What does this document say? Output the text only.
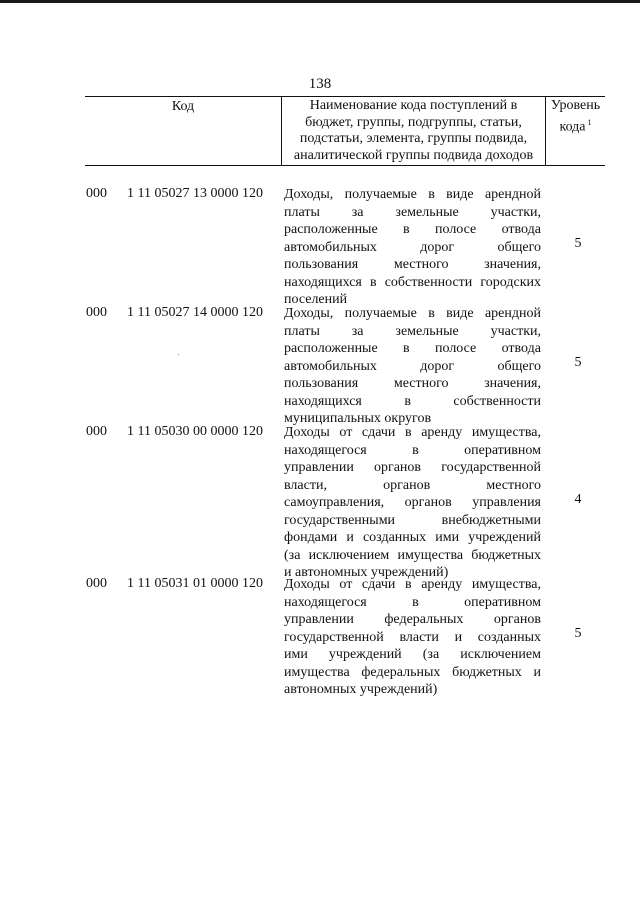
138
Код	Наименование кода поступлений в
бюджет, группы, подгруппы, статьи,
подстатьи, элемента, группы подвида,
аналитической группы подвида доходов
Уровень
кода $^1$
000 1 11 05027 13 0000 120 Доходы, получаемые в виде арендной
платы за земельные участки,
расположенные в полосе отвода
автомобильных дорог общего
пользования местного значения,
находящихся в собственности городских
поселений
5
000 1 11 05027 14 0000 120 Доходы, получаемые в виде арендной
платы за земельные участки,
расположенные в полосе отвода
автомобильных дорог общего
пользования местного значения,
находящихся в собственности
муниципальных округов
5
000 1 11 05030 00 0000 120 Доходы от сдачи в аренду имущества,
находящегося в оперативном
управлении органов государственной
власти, органов местного
самоуправления, органов управления
государственными внебюджетными
фондами и созданных ими учреждений
(за исключением имущества бюджетных
и автономных учреждений)
4
000 1 11 05031 01 0000 120 Доходы от сдачи в аренду имущества,
находящегося в оперативном
управлении федеральных органов
государственной власти и созданных
ими учреждений (за исключением
имущества федеральных бюджетных и
автономных учреждений)
5
